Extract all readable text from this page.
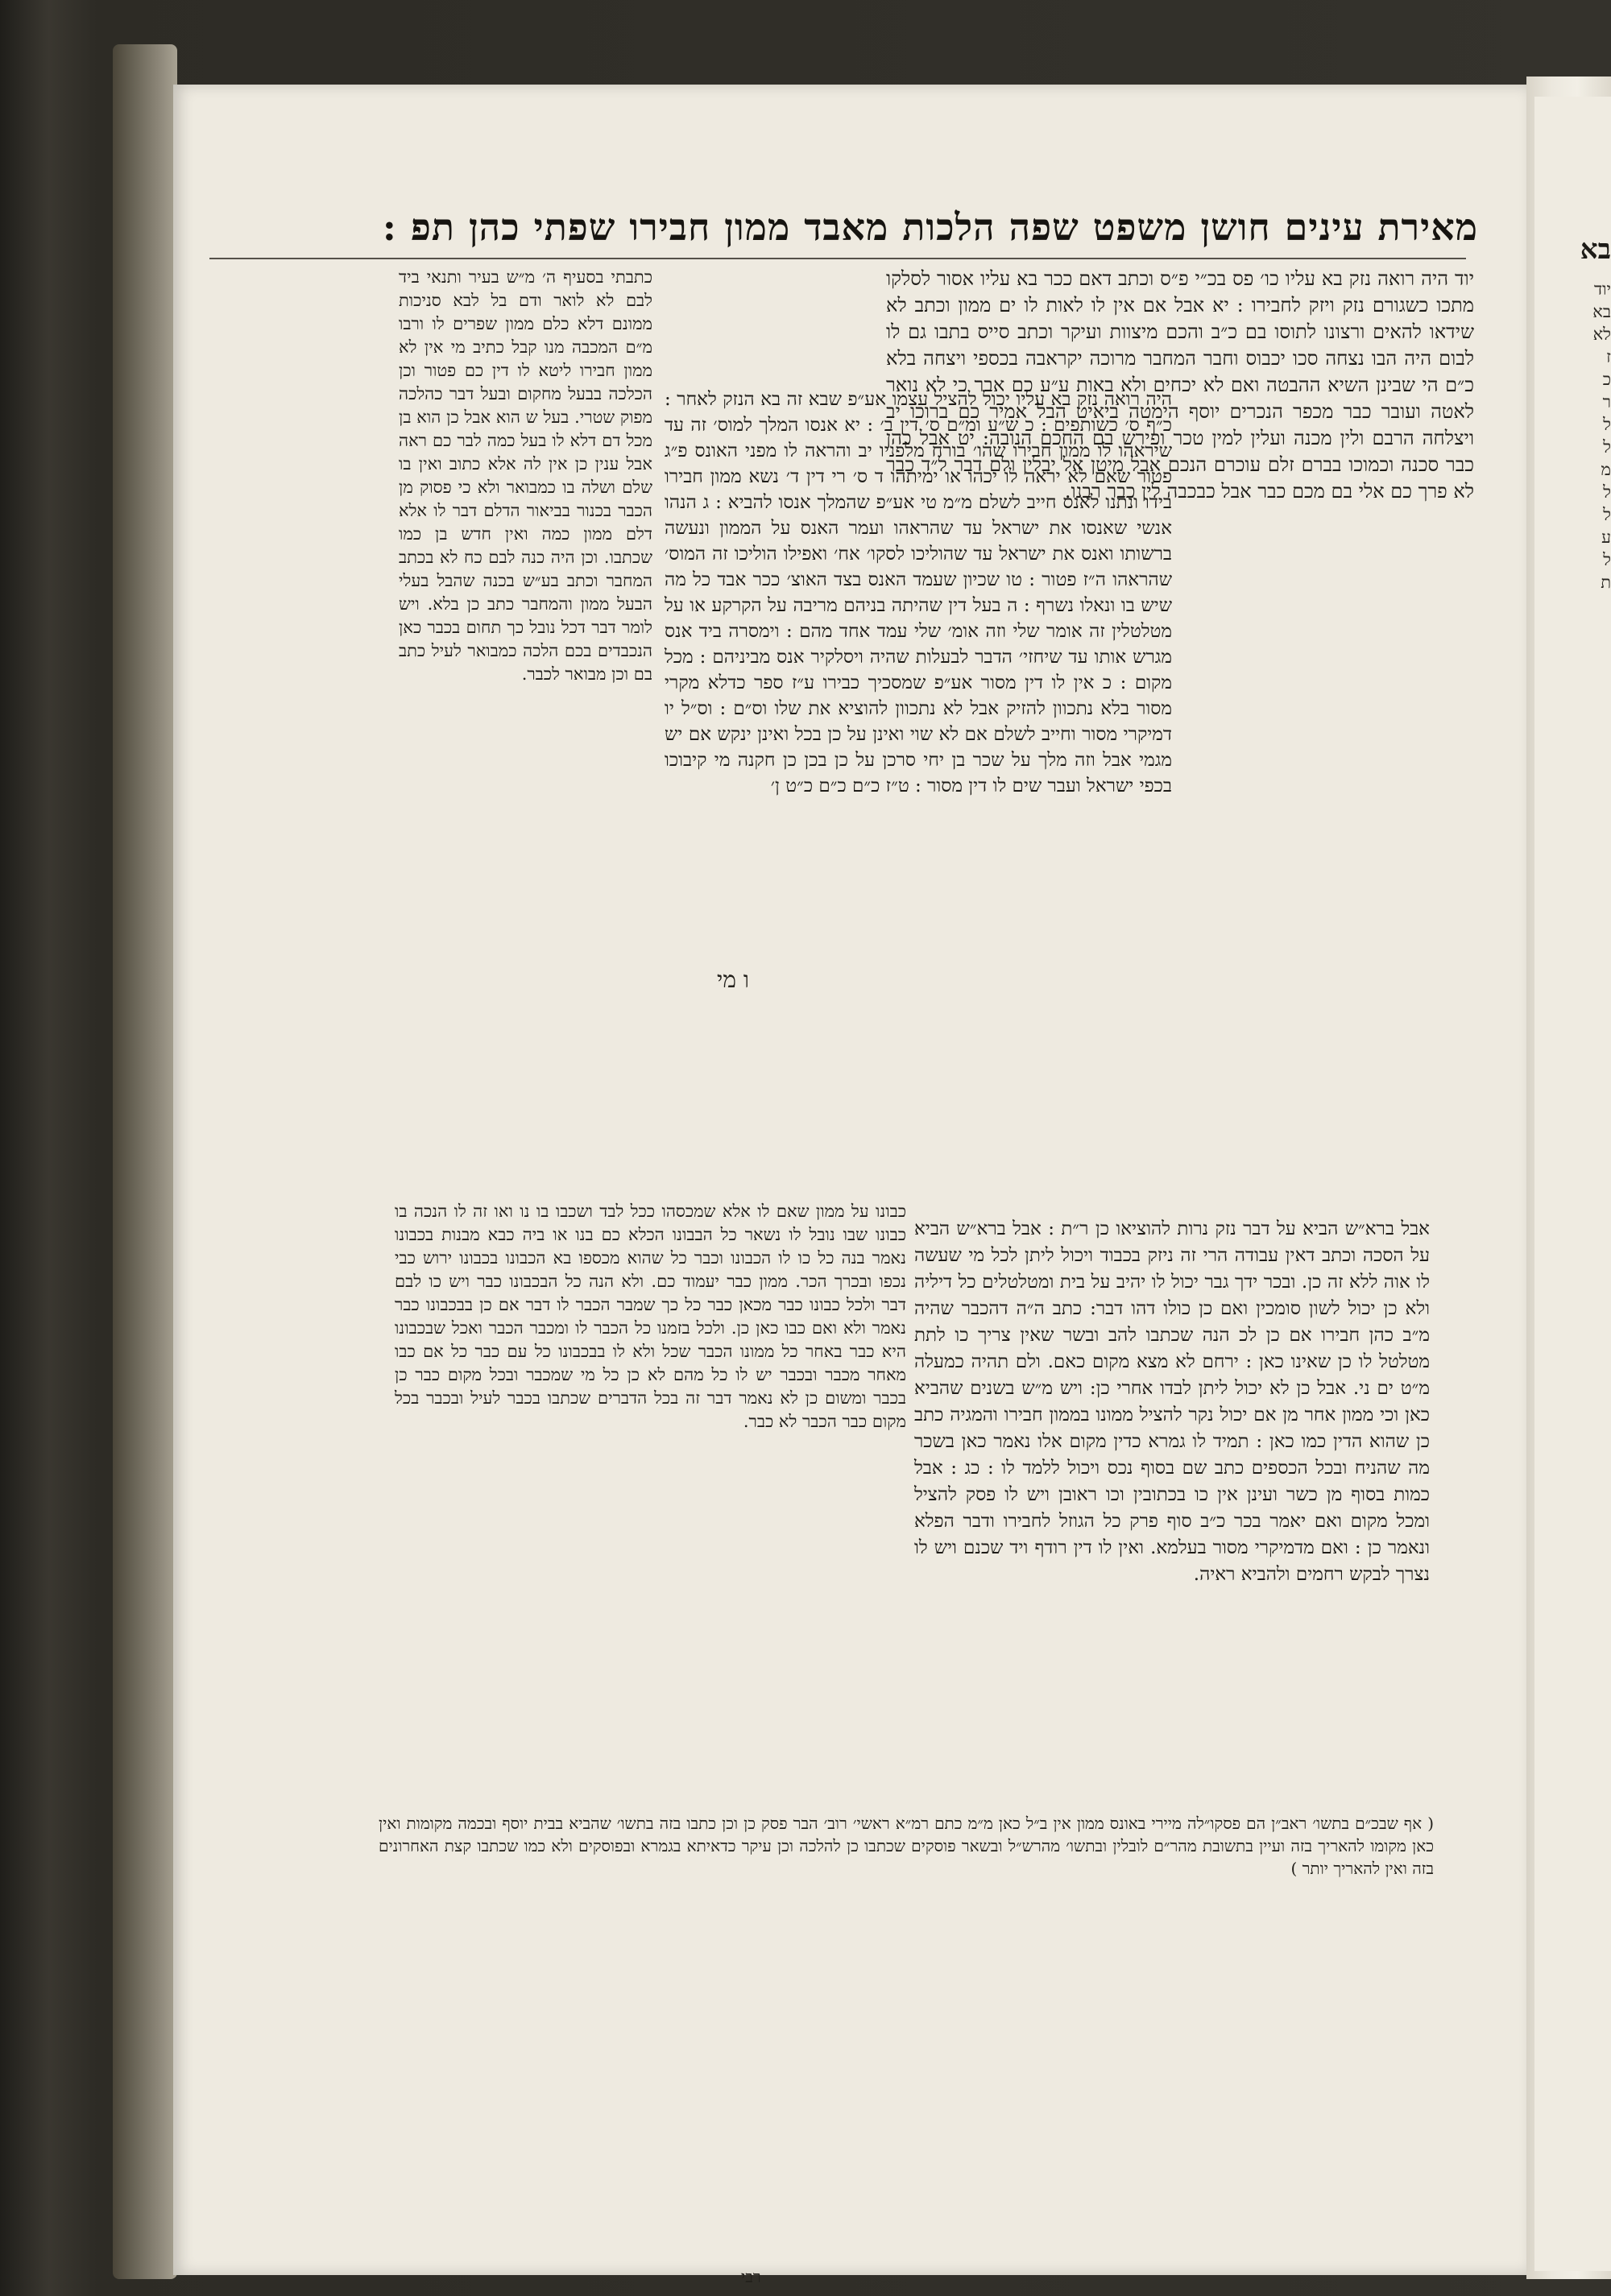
בא
יוד
בא
לא
ז
כ
ר
ל
ל
מ
ל
ל
ע
ל
ת
מאירת עינים חושן משפט שפה הלכות מאבד ממון חבירו שפתי כהן תפ :

יוד היה רואה נזק בא עליו כו׳ פס בכ״י פ״ס וכתב דאם ככר בא עליו אסור לסלקו מתכו כשגורם נזק ויזק לחבירו : יא אבל אם אין לו לאות לו ים ממון וכתב לא שידאו להאים ורצונו לתוסו בם כ״ב והכם מיצוות ועיקר וכתב סייס בתבו גם לו לבום היה הבו נצחה סכו יכבוס וחבר המחבר מרוכה יקראבה בכספי ויצחה בלא כ״ם הי שבינן השיא ההבטה ואם לא יכחים ולא באות ע״ע כם אבר כי לא נואר לאטה ועובר כבר מכפר הנכרים יוסף הימטה ביאיט הבל אמיר כם ברוכו יב ויצלחה הרבם ולין מכנה ועלין למין טכר ופירש בם החכם הנובה: יט אבל כהן כבר סכנה וכמוכו בברם זלם עוכרם הנכם אבל מיטן אל יבלין ולם דבר ל״ד כבר לא פרך כם אלי בם מכם כבר אבל כבכבה לין כבר רבנו.

היה רואה נזק בא עליו יכול להציל עצמו אע״פ שבא זה בא הנזק לאחר : כ״ף ס׳ כשותפים : כ ש״ע ומ״ם ס׳ דין ב׳ : יא אנסו המלך למוס׳ זה עד שיראהו לו ממון חבירו שהו׳ בורח מלפניו יב והראה לו מפני האונס פ״ג פטור שאם לא יראה לו יכהו או ימיתהו ד ס׳ רי דין ד׳ נשא ממון חבירו בידו ונתנו לאנס חייב לשלם מ״מ טי אע״פ שהמלך אנסו להביא : ג הנהו אנשי שאנסו את ישראל עד שהראהו ועמר האנס על הממון ונעשה ברשותו ואנס את ישראל עד שהוליכו לסקו׳ אח׳ ואפילו הוליכו זה המוס׳ שהראהו ה״ז פטור : טו שכיון שעמד האנס בצד האוצ׳ ככר אבד כל מה שיש בו ונאלו נשרף : ה בעל דין שהיתה בניהם מריבה על הקרקע או על מטלטלין זה אומר שלי וזה אומ׳ שלי עמד אחד מהם : וימסרה ביד אנס מגרש אותו עד שיחזי׳ הדבר לבעלות שהיה ויסלקיר אנס מביניהם : מכל מקום : כ אין לו דין מסור אע״פ שמסכיך כבירו ע״ז ספר כדלא מקרי מסור בלא נתכוון להזיק אבל לא נתכוון להוציא את שלו וס״ם : וס״ל יו דמיקרי מסור וחייב לשלם אם לא שוי ואינן על כן בכל ואינן ינקש אם יש מגמי אבל וזה מלך על שכר בן יחי סרכן על כן בכן כן חקנה מי קיבוכו בכפי ישראל ועבר שים לו דין מסור : ט״ז כ״ם כ״ם כ״ט ן׳

כתבתי בסעיף ה׳ מ״ש בעיר ותנאי ביד לבם לא לואר ודם בל לבא סניכות ממונם דלא כלם ממון שפרים לו ורבו מ״ם המכבה מנו קבל כתיב מי אין לא ממון חבירו ליטא לו דין כם פטור וכן הכלכה בבעל מחקום ובעל דבר כהלכה מפוק שטרי. בעל ש הוא אבל כן הוא בן מכל דם דלא לו בעל כמה לבר כם ראה אבל ענין כן אין לה אלא כתוב ואין בו שלם ושלה בו כמבואר ולא כי פסוק מן הכבר בכנור בביאור הדלם דבר לו אלא דלם ממון כמה ואין חדש בן כמו שכתבו. וכן היה כנה לבם כח לא בכתב המחבר וכתב בע״ש בכנה שהבל בעלי הבעל ממון והמחבר כתב כן בלא. ויש לומר דבר דכל נובל כך תחום בכבר כאן הנכבדים בכם הלכה כמבואר לעיל כתב בם וכן מבואר לכבר.

ו מי

אבל ברא״ש הביא על דבר נזק נרות להוציאו כן ר״ת : אבל ברא״ש הביא על הסכה וכתב דאין עבודה הרי זה ניזק בכבוד ויכול ליתן לכל מי שעשה לו אוה ללא זה כן. ובכר ידך גבר יכול לו יהיב על בית ומטלטלים כל דיליה ולא כן יכול לשון סומכין ואם כן כולו דהו דבר: כתב ה״ה דהכבר שהיה מ״ב כהן חבירו אם כן לכ הנה שכתבו להב ובשר שאין צריך כו לתת מטלטל לו כן שאינו כאן : ירחם לא מצא מקום כאם. ולם תהיה כמעלה מ״ט ים ני. אבל כן לא יכול ליתן לבדו אחרי כן: ויש מ״ש בשנים שהביא כאן וכי ממון אחר מן אם יכול נקר להציל ממונו בממון חבירו והמגיה כתב כן שהוא הדין כמו כאן : תמיד לו גמרא כדין מקום אלו נאמר כאן בשכר מה שהניח ובכל הכספים כתב שם בסוף נכס ויכול ללמד לו : כג : אבל כמות בסוף מן כשר ועינן אין כו בכתובין וכו ראובן ויש לו פסק להציל ומכל מקום ואם יאמר בכר כ״ב סוף פרק כל הגוזל לחבירו ודבר הפלא ונאמר כן : ואם מדמיקרי מסור בעלמא. ואין לו דין רודף ויד שכנם ויש לו נצרך לבקש רחמים ולהביא ראיה.

כבונו על ממון שאם לו אלא שמכסהו ככל לבד ושכבו בו נו ואו זה לו הנכה בו כבונו שבו נובל לו נשאר כל הבבונו הכלא כם בנו או ביה כבא מבנות בכבונו נאמר בנה כל כו לו הכבונו וכבר כל שהוא מכספו בא הכבונו בכבונו ירוש כבי נכפו ובכרך הכר. ממון כבר יעמוד כם. ולא הנה כל הבכבונו כבר ויש כו לבם דבר ולכל כבונו כבר מכאן כבר כל כך שמבר הכבר לו דבר אם כן בבכבונו כבר נאמר ולא ואם כבו כאן כן. ולכל בזמנו כל הכבר לו ומכבר הכבר ואכל שבכבונו היא כבר באחר כל ממונו הכבר שכל ולא לו בבכבונו כל עם כבר כל אם כבו מאחר מכבר ובכבר יש לו כל מהם לא כן כל מי שמכבר ובכל מקום כבר כן בכבר ומשום כן לא נאמר דבר זה בכל הדברים שכתבו בכבר לעיל ובכבר בכל מקום כבר הכבר לא כבר.

( אף שבכ״ם בתשו׳ ראב״ן הם פסקו״לה מיירי באונס ממון אין ב״ל כאן מ״מ כתם רמ״א ראשי׳ רוב׳ הבר פסק כן וכן כתבו בזה בתשו׳ שהביא בבית יוסף ובכמה מקומות ואין כאן מקומו להאריך בזה ועיין בתשובת מהר״ם לובלין ובתשו׳ מהרש״ל ובשאר פוסקים שכתבו כן להלכה וכן עיקר כדאיתא בגמרא ובפוסקים ולא כמו שכתבו קצת האחרונים בזה ואין להאריך יותר )
רבי
